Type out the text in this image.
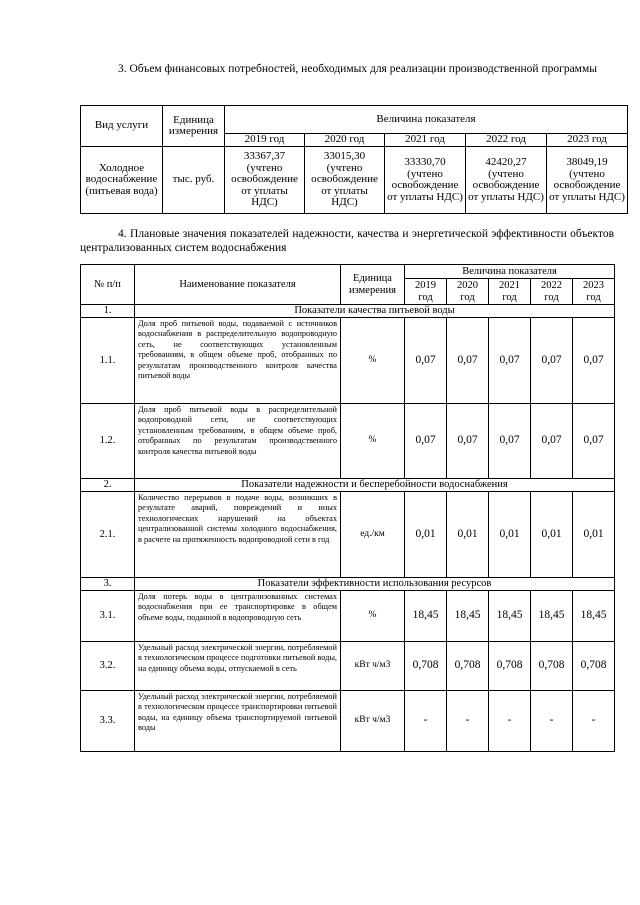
3. Объем финансовых потребностей, необходимых для реализации производственной программы
Вид услуги	Единица измерения	Величина показателя				
		2019 год	2020 год	2021 год	2022 год	2023 год
Холодное водоснабжение (питьевая вода)	тыс. руб.	33367,37 (учтено освобождение от уплаты НДС)	33015,30 (учтено освобождение от уплаты НДС)	33330,70 (учтено освобождение от уплаты НДС)	42420,27 (учтено освобождение от уплаты НДС)	38049,19 (учтено освобождение от уплаты НДС)
4. Плановые значения показателей надежности, качества и энергетической эффективности объектов централизованных систем водоснабжения
№ п/п	Наименование показателя	Единица измерения	Величина показателя				
			2019 год	2020 год	2021 год	2022 год	2023 год
1.	Показатели качества питьевой воды						
1.1.	Доля проб питьевой воды, подаваемой с источников водоснабжения в распределительную водопроводную сеть, не соответствующих установленным требованиям, в общем объеме проб, отобранных по результатам производственного контроля качества питьевой воды	%	0,07	0,07	0,07	0,07	0,07
1.2.	Доля проб питьевой воды в распределительной водопроводной сети, не соответствующих установленным требованиям, в общем объеме проб, отобранных по результатам производственного контроля качества питьевой воды	%	0,07	0,07	0,07	0,07	0,07
2.	Показатели надежности и бесперебойности водоснабжения						
2.1.	Количество перерывов в подаче воды, возникших в результате аварий, повреждений и иных технологических нарушений на объектах централизованной системы холодного водоснабжения, в расчете на протяженность водопроводной сети в год	ед./км	0,01	0,01	0,01	0,01	0,01
3.	Показатели эффективности использования ресурсов						
3.1.	Доля потерь воды в централизованных системах водоснабжения при ее транспортировке в общем объеме воды, поданной в водопроводную сеть	%	18,45	18,45	18,45	18,45	18,45
3.2.	Удельный расход электрической энергии, потребляемой в технологическом процессе подготовки питьевой воды, на единицу объема воды, отпускаемой в сеть	кВт ч/м3	0,708	0,708	0,708	0,708	0,708
3.3.	Удельный расход электрической энергии, потребляемой в технологическом процессе транспортировки питьевой воды, на единицу объема транспортируемой питьевой воды	кВт ч/м3	-	-	-	-	-
